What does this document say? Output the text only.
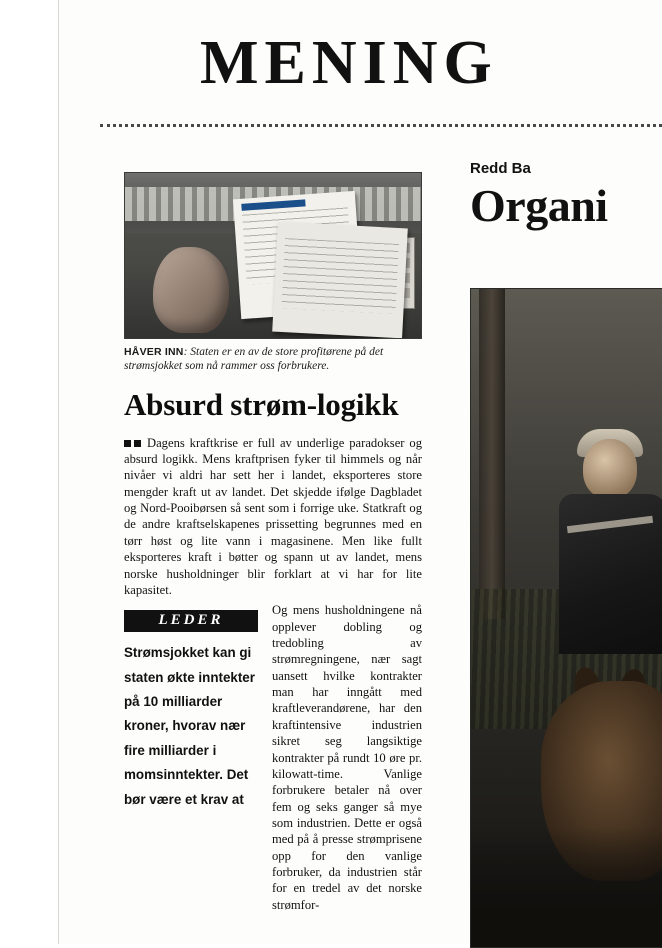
MENING
HÅVER INN: Staten er en av de store profitørene på det strømsjokket som nå rammer oss forbrukere.
Absurd strøm-logikk

Dagens kraftkrise er full av underlige paradokser og absurd logikk. Mens kraftprisen fyker til himmels og når nivåer vi aldri har sett her i landet, eksporteres store mengder kraft ut av landet. Det skjedde ifølge Dagbladet og Nord-Pooibørsen så sent som i forrige uke. Statkraft og de andre kraftselskapenes prissetting begrunnes med en tørr høst og lite vann i magasinene. Men like fullt eksporteres kraft i bøtter og spann ut av landet, mens norske husholdninger blir forklart at vi har for lite kapasitet.

LEDER
Strømsjokket kan gi staten økte inntekter på 10 milliarder kroner, hvorav nær fire milliarder i momsinntekter. Det bør være et krav at
Og mens husholdningene nå opplever dobling og tredobling av strømregningene, nær sagt uansett hvilke kontrakter man har inngått med kraftleverandørene, har den kraftintensive industrien sikret seg langsiktige kontrakter på rundt 10 øre pr. kilowatt-time. Vanlige forbrukere betaler nå over fem og seks ganger så mye som industrien. Dette er også med på å presse strømprisene opp for den vanlige forbruker, da industrien står for en tredel av det norske strømfor-
Redd Ba
Organi
